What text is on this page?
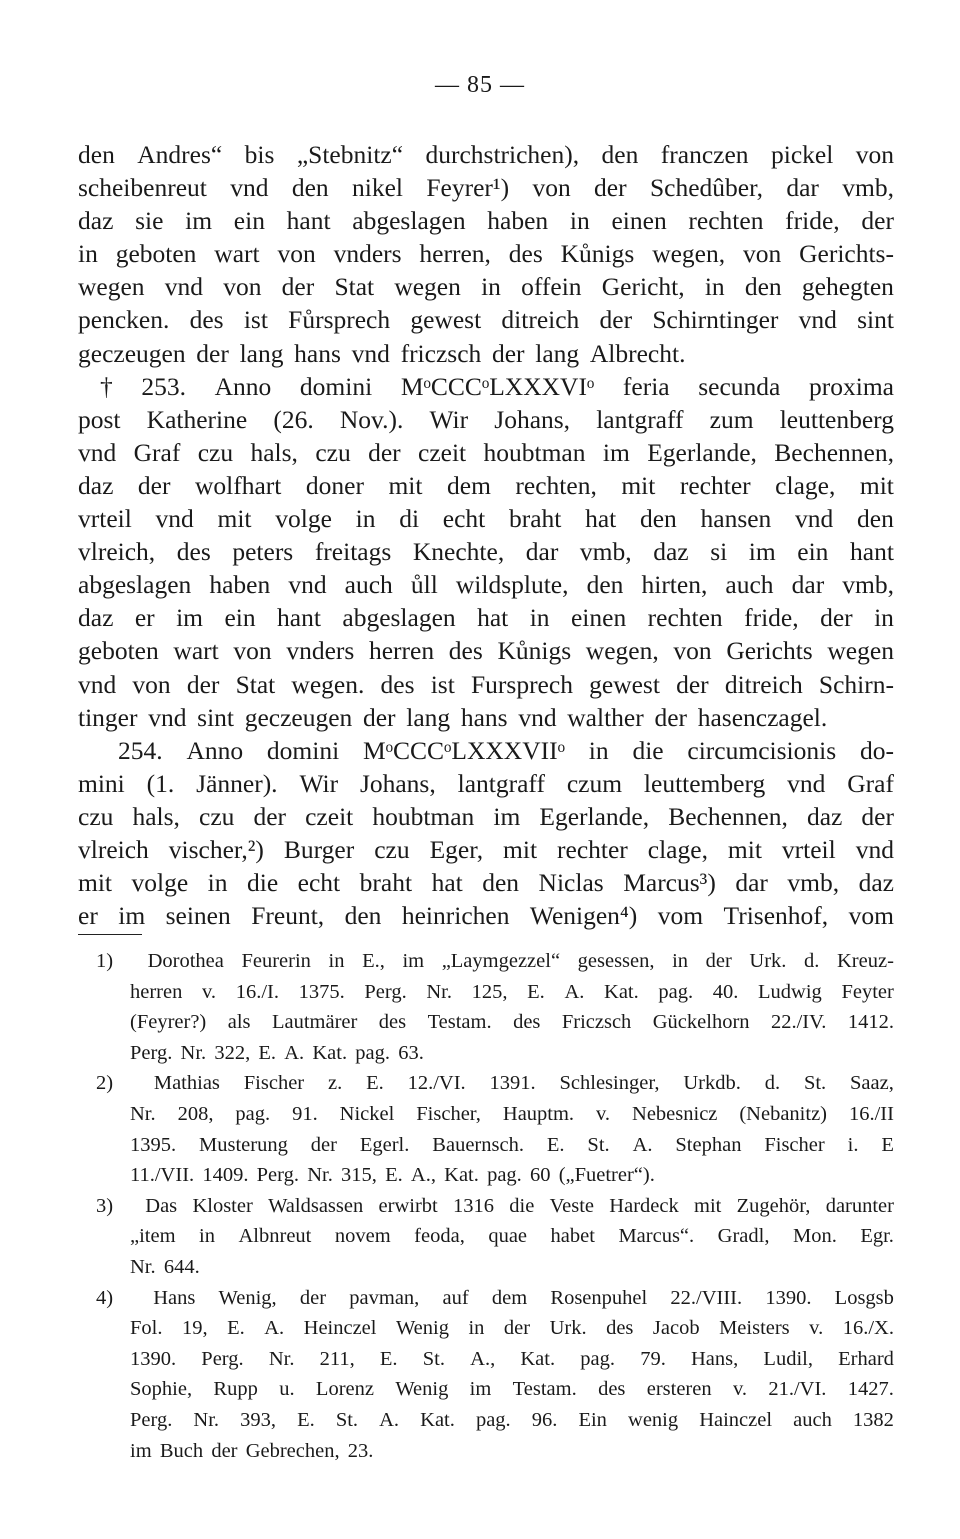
— 85 —
den Andres“ bis „Stebnitz“ durchstrichen), den franczen pickel von
scheibenreut vnd den nikel Feyrer¹) von der Schedûber, dar vmb,
daz sie im ein hant abgeslagen haben in einen rechten fride, der
in geboten wart von vnders herren, des Kůnigs wegen, von Gerichts-
wegen vnd von der Stat wegen in offein Gericht, in den gehegten
pencken. des ist Fůrsprech gewest ditreich der Schirntinger vnd sint
geczeugen der lang hans vnd friczsch der lang Albrecht.
† 253. Anno domini MᵒCCCᵒLXXXVIᵒ feria secunda proxima
post Katherine (26. Nov.). Wir Johans, lantgraff zum leuttenberg
vnd Graf czu hals, czu der czeit houbtman im Egerlande, Bechennen,
daz der wolfhart doner mit dem rechten, mit rechter clage, mit
vrteil vnd mit volge in di echt braht hat den hansen vnd den
vlreich, des peters freitags Knechte, dar vmb, daz si im ein hant
abgeslagen haben vnd auch ůll wildsplute, den hirten, auch dar vmb,
daz er im ein hant abgeslagen hat in einen rechten fride, der in
geboten wart von vnders herren des Kůnigs wegen, von Gerichts wegen
vnd von der Stat wegen. des ist Fursprech gewest der ditreich Schirn-
tinger vnd sint geczeugen der lang hans vnd walther der hasenczagel.
254. Anno domini MᵒCCCᵒLXXXVIIᵒ in die circumcisionis do-
mini (1. Jänner). Wir Johans, lantgraff czum leuttemberg vnd Graf
czu hals, czu der czeit houbtman im Egerlande, Bechennen, daz der
vlreich vischer,²) Burger czu Eger, mit rechter clage, mit vrteil vnd
mit volge in die echt braht hat den Niclas Marcus³) dar vmb, daz
er im seinen Freunt, den heinrichen Wenigen⁴) vom Trisenhof, vom
1)	Dorothea Feurerin in E., im „Laymgezzel“ gesessen, in der Urk. d. Kreuz-
herren v. 16./I. 1375. Perg. Nr. 125, E. A. Kat. pag. 40. Ludwig Feyter
(Feyrer?) als Lautmärer des Testam. des Friczsch Gückelhorn 22./IV. 1412.
Perg. Nr. 322, E. A. Kat. pag. 63.
2)	Mathias Fischer z. E. 12./VI. 1391. Schlesinger, Urkdb. d. St. Saaz,
Nr. 208, pag. 91. Nickel Fischer, Hauptm. v. Nebesnicz (Nebanitz) 16./II
1395. Musterung der Egerl. Bauernsch. E. St. A. Stephan Fischer i. E
11./VII. 1409. Perg. Nr. 315, E. A., Kat. pag. 60 („Fuetrer“).
3)	Das Kloster Waldsassen erwirbt 1316 die Veste Hardeck mit Zugehör, darunter
„item in Albnreut novem feoda, quae habet Marcus“. Gradl, Mon. Egr.
Nr. 644.
4)	Hans Wenig, der pavman, auf dem Rosenpuhel 22./VIII. 1390. Losgsb
Fol. 19, E. A. Heinczel Wenig in der Urk. des Jacob Meisters v. 16./X.
1390. Perg. Nr. 211, E. St. A., Kat. pag. 79. Hans, Ludil, Erhard
Sophie, Rupp u. Lorenz Wenig im Testam. des ersteren v. 21./VI. 1427.
Perg. Nr. 393, E. St. A. Kat. pag. 96. Ein wenig Hainczel auch 1382
im Buch der Gebrechen, 23.
